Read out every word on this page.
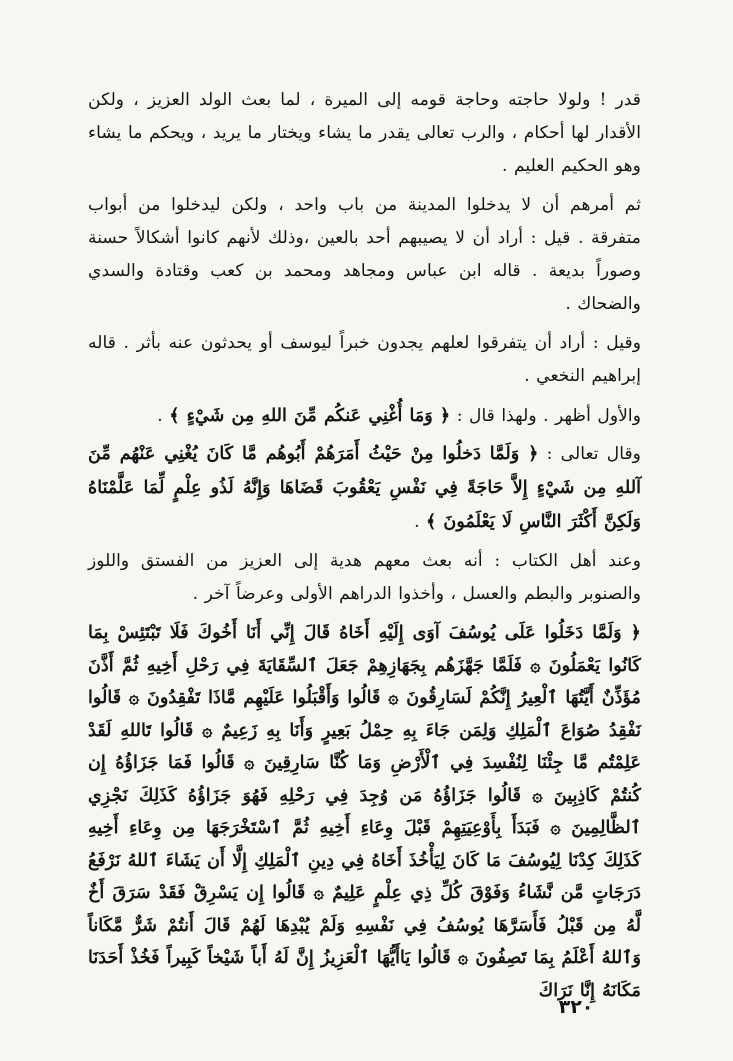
قدر ! ولولا حاجته وحاجة قومه إلى الميرة ، لما بعث الولد العزيز ، ولكن الأقدار لها أحكام ، والرب تعالى يقدر ما يشاء ويختار ما يريد ، ويحكم ما يشاء وهو الحكيم العليم .

ثم أمرهم أن لا يدخلوا المدينة من باب واحد ، ولكن ليدخلوا من أبواب متفرقة . قيل : أراد أن لا يصيبهم أحد بالعين ،وذلك لأنهم كانوا أشكالاً حسنة وصوراً بديعة . قاله ابن عباس ومجاهد ومحمد بن كعب وقتادة والسدي والضحاك .

وقيل : أراد أن يتفرقوا لعلهم يجدون خبراً ليوسف أو يحدثون عنه بأثر . قاله إبراهيم النخعي .

والأول أظهر . ولهذا قال : ﴿ وَمَا أُغْنِي عَنكُم مِّنَ اللهِ مِن شَيْءٍ ﴾ .

وقال تعالى : ﴿ وَلَمَّا دَخلُوا مِنْ حَيْثُ أَمَرَهُمْ أَبُوهُم مَّا كَانَ يُغْنِي عَنْهُم مِّنَ آللهِ مِن شَيْءٍ إِلاَّ حَاجَةً فِي نَفْسِ يَعْقُوبَ قَضَاهَا وَإِنَّهُ لَذُو عِلْمٍ لِّمَا عَلَّمْنَاهُ وَلَكِنَّ أَكْثَرَ النَّاسِ لَا يَعْلَمُونَ ﴾ .

وعند أهل الكتاب : أنه بعث معهم هدية إلى العزيز من الفستق واللوز والصنوبر والبطم والعسل ، وأخذوا الدراهم الأولى وعرضاً آخر .

﴿ وَلَمَّا دَخَلُوا عَلَى يُوسُفَ آوَى إِلَيْهِ أَخَاهُ قَالَ إِنِّي أَنَا أَخُوكَ فَلَا تَبْتَئِسْ بِمَا كَانُوا يَعْمَلُونَ ۞ فَلَمَّا جَهَّزَهُم بِجَهَازِهِمْ جَعَلَ ٱلسِّقَايَةَ فِي رَحْلِ أَخِيهِ ثُمَّ أَذَّنَ مُؤَذِّنٌ أَيَّتُهَا ٱلْعِيرُ إِنَّكُمْ لَسَارِقُونَ ۞ قَالُوا وَأَقْبَلُوا عَلَيْهِم مَّاذَا تَفْقِدُونَ ۞ قَالُوا نَفْقِدُ صُوَاعَ ٱلْمَلِكِ وَلِمَن جَاءَ بِهِ حِمْلُ بَعِيرٍ وَأَنَا بِهِ زَعِيمٌ ۞ قَالُوا تَاللهِ لَقَدْ عَلِمْتُم مَّا جِئْنَا لِنُفْسِدَ فِي ٱلْأَرْضِ وَمَا كُنَّا سَارِقِينَ ۞ قَالُوا فَمَا جَزَاؤُهُ إِن كُنتُمْ كَاذِبِينَ ۞ قَالُوا جَزَاؤُهُ مَن وُجِدَ فِي رَحْلِهِ فَهُوَ جَزَاؤُهُ كَذَلِكَ نَجْزِي ٱلظَّالِمِينَ ۞ فَبَدَأَ بِأَوْعِيَتِهِمْ قَبْلَ وِعَاءِ أَخِيهِ ثُمَّ ٱسْتَخْرَجَهَا مِن وِعَاءِ أَخِيهِ كَذَلِكَ كِدْنَا لِيُوسُفَ مَا كَانَ لِيَأْخُذَ أَخَاهُ فِي دِينِ ٱلْمَلِكِ إِلَّا أَن يَشَاءَ ٱللهُ نَرْفَعُ دَرَجَاتٍ مَّن نَّشَاءُ وَفَوْقَ كُلِّ ذِي عِلْمٍ عَلِيمٌ ۞ قَالُوا إِن يَسْرِقْ فَقَدْ سَرَقَ أَخٌ لَّهُ مِن قَبْلُ فَأَسَرَّهَا يُوسُفُ فِي نَفْسِهِ وَلَمْ يُبْدِهَا لَهُمْ قَالَ أَنتُمْ شَرٌّ مَّكَاناً وَٱللهُ أَعْلَمُ بِمَا تَصِفُونَ ۞ قَالُوا يَاأَيُّهَا ٱلْعَزِيزُ إِنَّ لَهُ أَباً شَيْخاً كَبِيراً فَخُذْ أَحَدَنَا مَكَانَهُ إِنَّا نَرَاكَ

٣٢٠
